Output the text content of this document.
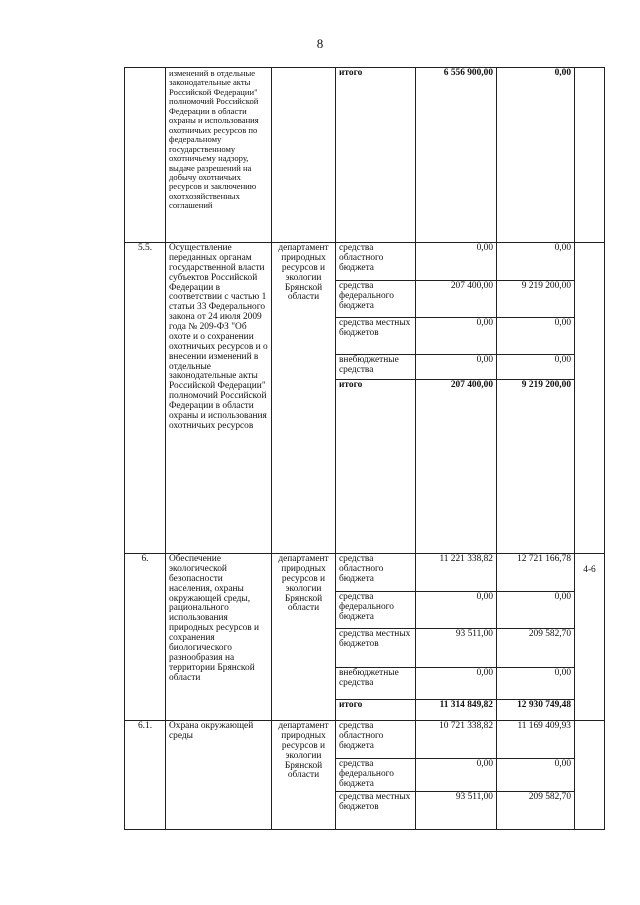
8
	изменений в отдельные законодательные акты Российской Федерации" полномочий Российской Федерации в области охраны и использования охотничьих ресурсов по федеральному государственному охотничьему надзору, выдаче разрешений на добычу охотничьих ресурсов и заключению охотхозяйственных соглашений		итого	6 556 900,00	0,00	
5.5.	Осуществление переданных органам государственной власти субъектов Российской Федерации в соответствии с частью 1 статьи 33 Федерального закона от 24 июля 2009 года № 209-ФЗ "Об охоте и о сохранении охотничьих ресурсов и о внесении изменений в отдельные законодательные акты Российской Федерации" полномочий Российской Федерации в области охраны и использования охотничьих ресурсов	департамент природных ресурсов и экологии Брянской области	средства областного бюджета	0,00	0,00	
			средства федерального бюджета	207 400,00	9 219 200,00	
			средства местных бюджетов	0,00	0,00	
			внебюджетные средства	0,00	0,00	
			итого	207 400,00	9 219 200,00	
6.	Обеспечение экологической безопасности населения, охраны окружающей среды, рационального использования природных ресурсов и сохранения биологического разнообразия на территории Брянской области	департамент природных ресурсов и экологии Брянской области	средства областного бюджета	11 221 338,82	12 721 166,78	4-6
			средства федерального бюджета	0,00	0,00	
			средства местных бюджетов	93 511,00	209 582,70	
			внебюджетные средства	0,00	0,00	
			итого	11 314 849,82	12 930 749,48	
6.1.	Охрана окружающей среды	департамент природных ресурсов и экологии Брянской области	средства областного бюджета	10 721 338,82	11 169 409,93	
			средства федерального бюджета	0,00	0,00	
			средства местных бюджетов	93 511,00	209 582,70	
